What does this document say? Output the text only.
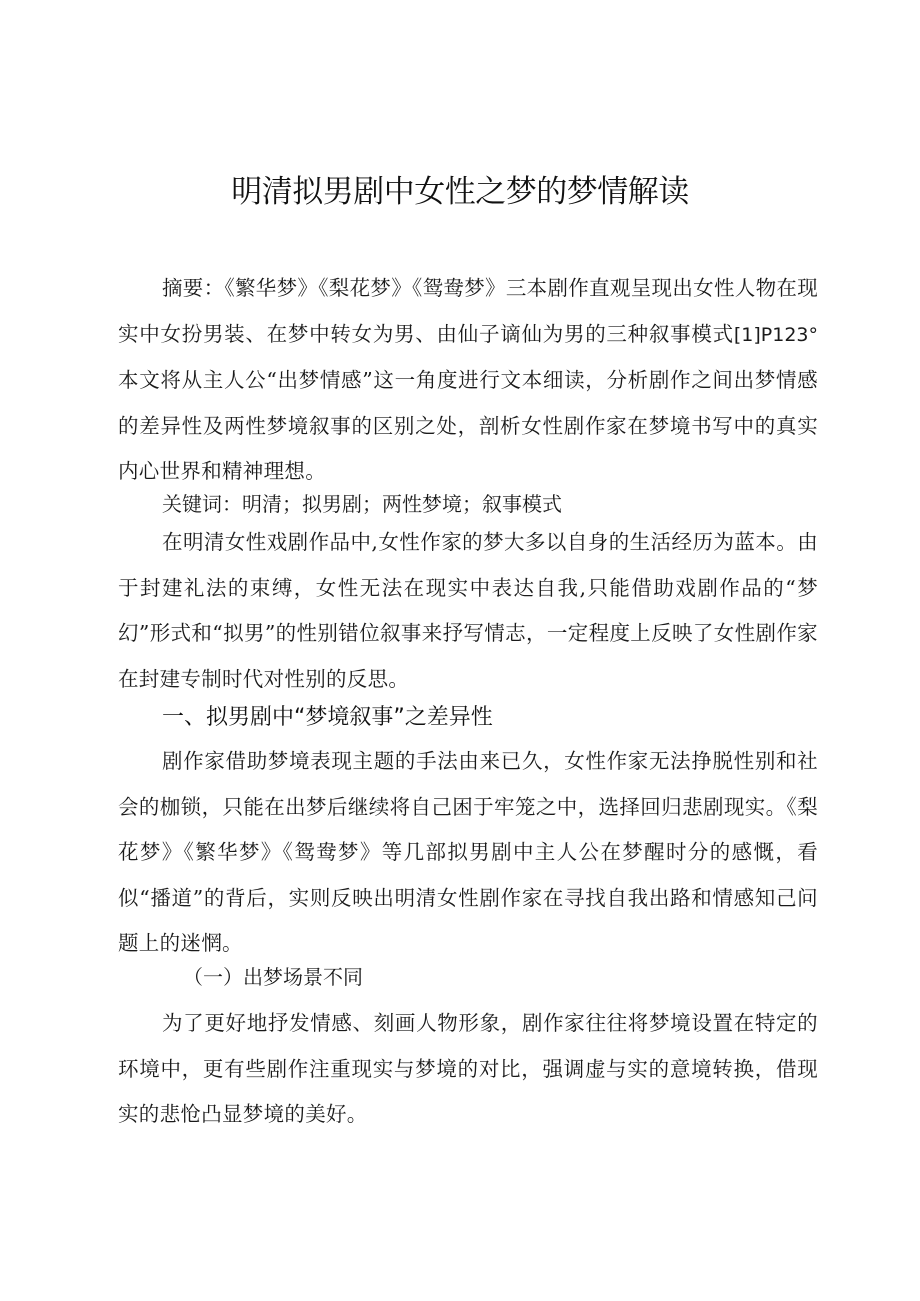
明清拟男剧中女性之梦的梦情解读

摘要：《繁华梦》《梨花梦》《鸳鸯梦》三本剧作直观呈现出女性人物在现实中女扮男装、在梦中转女为男、由仙子谪仙为男的三种叙事模式[1]P123°本文将从主人公“出梦情感”这一角度进行文本细读，分析剧作之间出梦情感的差异性及两性梦境叙事的区别之处，剖析女性剧作家在梦境书写中的真实内心世界和精神理想。

关键词：明清；拟男剧；两性梦境；叙事模式

在明清女性戏剧作品中,女性作家的梦大多以自身的生活经历为蓝本。由于封建礼法的束缚，女性无法在现实中表达自我,只能借助戏剧作品的“梦幻”形式和“拟男”的性别错位叙事来抒写情志，一定程度上反映了女性剧作家在封建专制时代对性别的反思。

一、拟男剧中“梦境叙事”之差异性

剧作家借助梦境表现主题的手法由来已久，女性作家无法挣脱性别和社会的枷锁，只能在出梦后继续将自己困于牢笼之中，选择回归悲剧现实。《梨花梦》《繁华梦》《鸳鸯梦》等几部拟男剧中主人公在梦醒时分的感慨，看似“播道”的背后，实则反映出明清女性剧作家在寻找自我出路和情感知己问题上的迷惘。

（一）出梦场景不同

为了更好地抒发情感、刻画人物形象，剧作家往往将梦境设置在特定的环境中，更有些剧作注重现实与梦境的对比，强调虚与实的意境转换，借现实的悲怆凸显梦境的美好。
